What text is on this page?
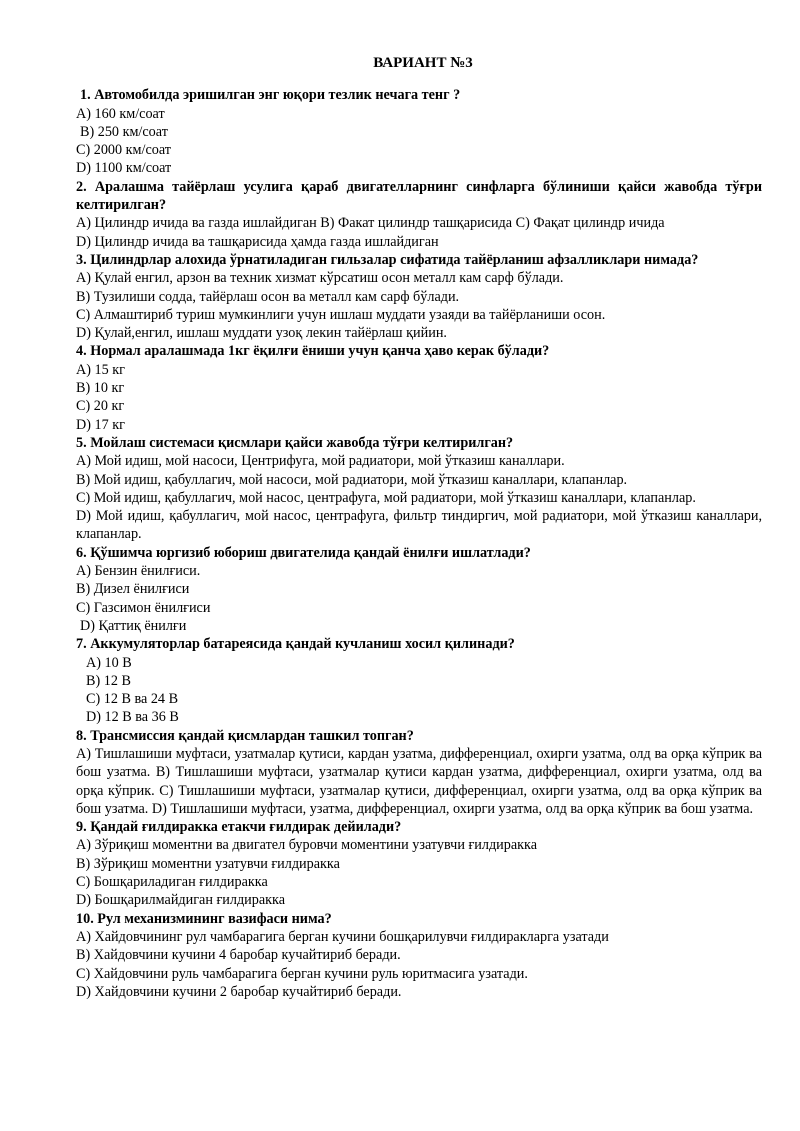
ВАРИАНТ №3
1. Автомобилда эришилган энг юқори тезлик нечага тенг ?
A) 160 км/соат
B) 250 км/соат
C) 2000 км/соат
D) 1100 км/соат
2. Аралашма тайёрлаш усулига қараб двигателларнинг синфларга бўлиниши қайси жавобда тўғри келтирилган?
A) Цилиндр ичида ва газда ишлайдиган B) Факат цилиндр ташқарисида C) Фақат цилиндр ичида
D) Цилиндр ичида ва ташқарисида ҳамда газда ишлайдиган
3. Цилиндрлар алохида ўрнатиладиган гильзалар сифатида тайёрланиш афзалликлари нимада?
A) Қулай енгил, арзон ва техник хизмат кўрсатиш осон металл кам сарф бўлади.
B) Тузилиши содда, тайёрлаш осон ва металл кам сарф бўлади.
C) Алмаштириб туриш мумкинлиги учун ишлаш муддати узаяди ва тайёрланиши осон.
D) Қулай,енгил, ишлаш муддати узоқ лекин тайёрлаш қийин.
4. Нормал аралашмада 1кг ёқилғи ёниши учун қанча ҳаво керак бўлади?
A) 15 кг
B) 10 кг
C) 20 кг
D) 17 кг
5. Мойлаш системаси қисмлари қайси жавобда тўғри келтирилган?
A) Мой идиш, мой насоси, Центрифуга, мой радиатори, мой ўтказиш каналлари.
B) Мой идиш, қабуллагич, мой насоси, мой радиатори, мой ўтказиш каналлари, клапанлар.
C) Мой идиш, қабуллагич, мой насос, центрафуга, мой радиатори, мой ўтказиш каналлари, клапанлар.
D) Мой идиш, қабуллагич, мой насос, центрафуга, фильтр тиндиргич, мой радиатори, мой ўтказиш каналлари, клапанлар.
6. Қўшимча юргизиб юбориш двигателида қандай ёнилғи ишлатлади?
A) Бензин ёнилғиси.
B) Дизел ёнилғиси
C) Газсимон ёнилғиси
D) Қаттиқ ёнилғи
7. Аккумуляторлар батареясида қандай кучланиш хосил қилинади?
A) 10 В
B) 12 В
C) 12 В ва 24 В
D) 12 В ва 36 В
8. Трансмиссия қандай қисмлардан ташкил топган?
A) Тишлашиши муфтаси, узатмалар қутиси, кардан узатма, дифференциал, охирги узатма, олд ва орқа кўприк ва бош узатма. B) Тишлашиши муфтаси, узатмалар қутиси кардан узатма, дифференциал, охирги узатма, олд ва орқа кўприк. C) Тишлашиши муфтаси, узатмалар қутиси, дифференциал, охирги узатма, олд ва орқа кўприк ва бош узатма. D) Тишлашиши муфтаси, узатма, дифференциал, охирги узатма, олд ва орқа кўприк ва бош узатма.
9. Қандай ғилдиракка етакчи ғилдирак дейилади?
A) Зўриқиш моментни ва двигател буровчи моментини узатувчи ғилдиракка
B) Зўриқиш моментни узатувчи ғилдиракка
C) Бошқариладиган ғилдиракка
D) Бошқарилмайдиган ғилдиракка
10. Рул механизмининг вазифаси нима?
A) Хайдовчининг рул чамбарагига берган кучини бошқарилувчи ғилдиракларга узатади
B) Хайдовчини кучини 4 баробар кучайтириб беради.
C) Хайдовчини руль чамбарагига берган кучини руль юритмасига узатади.
D) Хайдовчини кучини 2 баробар кучайтириб беради.
